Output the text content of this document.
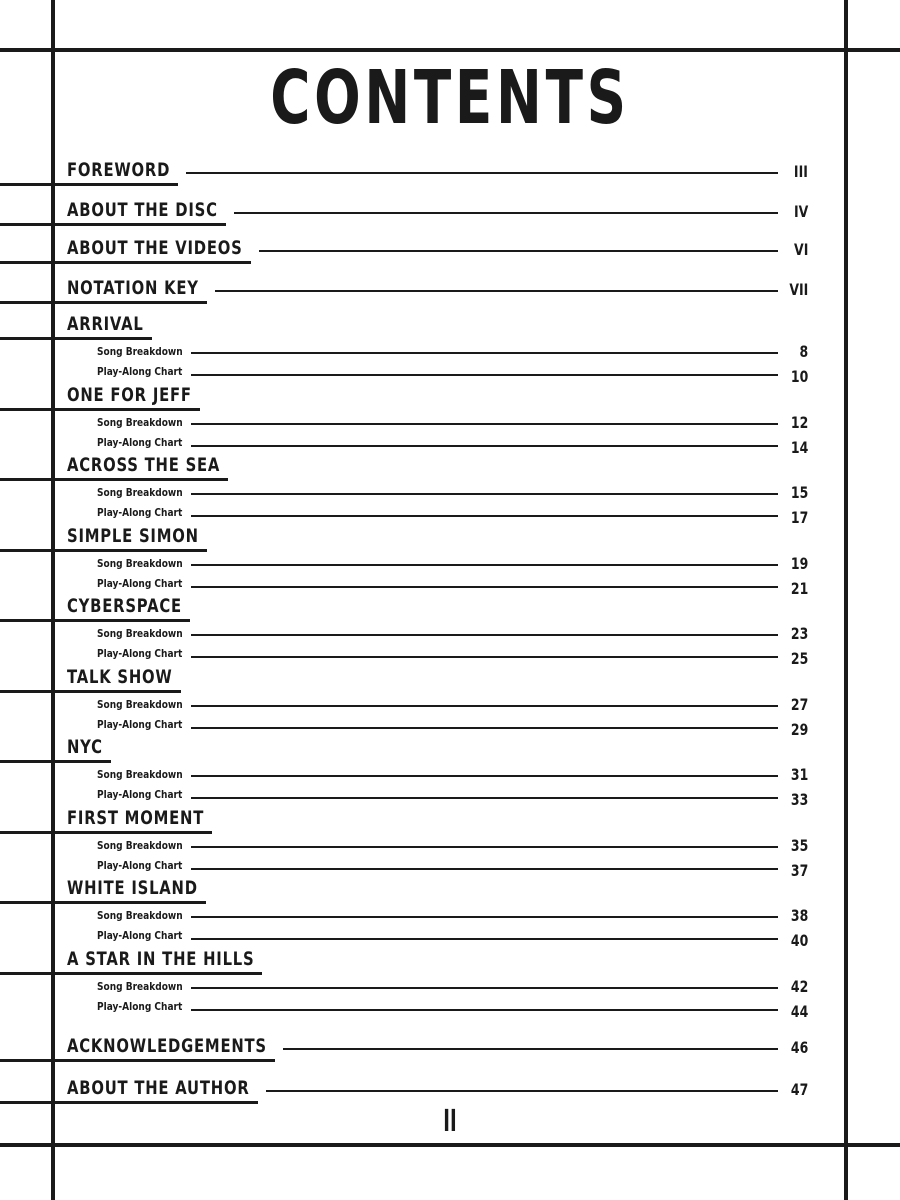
CONTENTS
FOREWORD	III
ABOUT THE DISC	IV
ABOUT THE VIDEOS	VI
NOTATION KEY	VII
ARRIVAL
Song Breakdown	8
Play-Along Chart	10
ONE FOR JEFF
Song Breakdown	12
Play-Along Chart	14
ACROSS THE SEA
Song Breakdown	15
Play-Along Chart	17
SIMPLE SIMON
Song Breakdown	19
Play-Along Chart	21
CYBERSPACE
Song Breakdown	23
Play-Along Chart	25
TALK SHOW
Song Breakdown	27
Play-Along Chart	29
NYC
Song Breakdown	31
Play-Along Chart	33
FIRST MOMENT
Song Breakdown	35
Play-Along Chart	37
WHITE ISLAND
Song Breakdown	38
Play-Along Chart	40
A STAR IN THE HILLS
Song Breakdown	42
Play-Along Chart	44
ACKNOWLEDGEMENTS	46
ABOUT THE AUTHOR	47
II
